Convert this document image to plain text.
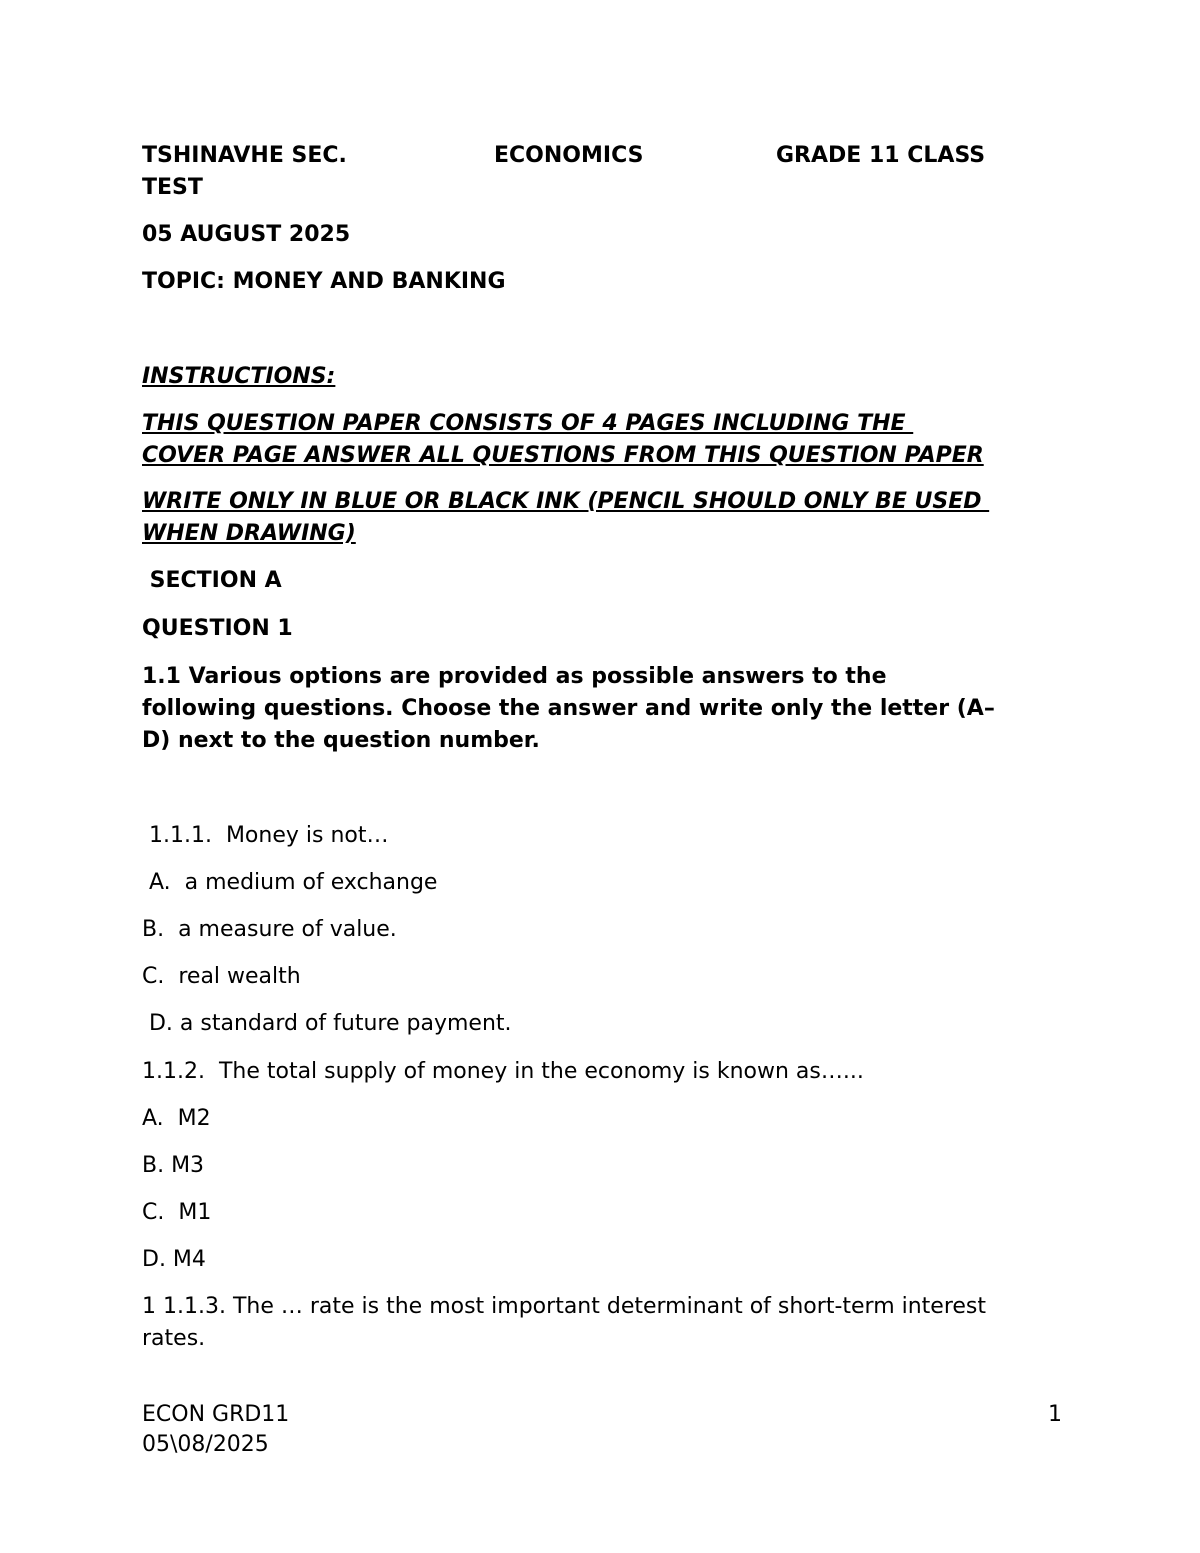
TSHINAVHE SEC.	ECONOMICS	GRADE 11 CLASS

TEST

05 AUGUST 2025

TOPIC: MONEY AND BANKING

INSTRUCTIONS:

THIS QUESTION PAPER CONSISTS OF 4 PAGES INCLUDING THE

COVER PAGE ANSWER ALL QUESTIONS FROM THIS QUESTION PAPER

WRITE ONLY IN BLUE OR BLACK INK (PENCIL SHOULD ONLY BE USED

WHEN DRAWING)

SECTION A

QUESTION 1

1.1 Various options are provided as possible answers to the

following questions. Choose the answer and write only the letter (A–

D) next to the question number.

1.1.1.  Money is not…

A.  a medium of exchange

B.  a measure of value.

C.  real wealth

D. a standard of future payment.

1.1.2.  The total supply of money in the economy is known as…...

A.  M2

B. M3

C.  M1

D. M4

1 1.1.3. The … rate is the most important determinant of short-term interest

rates.

ECON GRD11

05\08/2025

1
